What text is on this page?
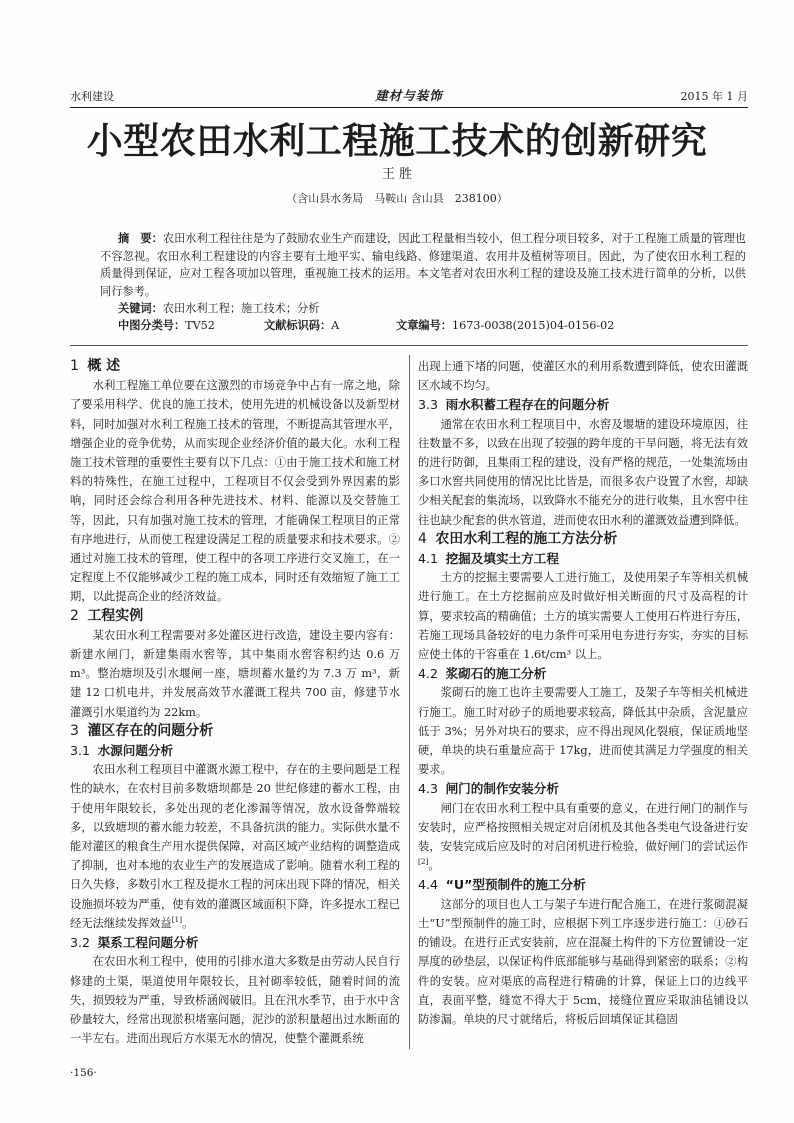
水利建设	建材与装饰	2015 年 1 月
小型农田水利工程施工技术的创新研究
王 胜
（含山县水务局　马鞍山 含山县　238100）
摘　要：农田水利工程往往是为了鼓励农业生产而建设，因此工程量相当较小，但工程分项目较多，对于工程施工质量的管理也不容忽视。农田水利工程建设的内容主要有土地平实、输电线路、修建渠道、农用井及植树等项目。因此，为了使农田水利工程的质量得到保证，应对工程各项加以管理，重视施工技术的运用。本文笔者对农田水利工程的建设及施工技术进行简单的分析，以供同行参考。
关键词：农田水利工程；施工技术；分析
中图分类号：TV52	文献标识码：A	文章编号：1673-0038(2015)04-0156-02
1 概 述

水利工程施工单位要在这激烈的市场竞争中占有一席之地，除了要采用科学、优良的施工技术，使用先进的机械设备以及新型材料，同时加强对水利工程施工技术的管理，不断提高其管理水平，增强企业的竞争优势，从而实现企业经济价值的最大化。水利工程施工技术管理的重要性主要有以下几点：①由于施工技术和施工材料的特殊性，在施工过程中，工程项目不仅会受到外界因素的影响，同时还会综合利用各种先进技术、材料、能源以及交替施工等，因此，只有加强对施工技术的管理，才能确保工程项目的正常有序地进行，从而使工程建设满足工程的质量要求和技术要求。②通过对施工技术的管理，使工程中的各项工序进行交叉施工，在一定程度上不仅能够减少工程的施工成本，同时还有效缩短了施工工期，以此提高企业的经济效益。

2 工程实例

某农田水利工程需要对多处灌区进行改造，建设主要内容有：新建水闸门，新建集雨水窖等，其中集雨水窖容积约达 0.6 万m³。整治塘坝及引水堰闸一座，塘坝蓄水量约为 7.3 万 m³，新建 12 口机电井，并发展高效节水灌溉工程共 700 亩，修建节水灌溉引水渠道约为 22km。

3 灌区存在的问题分析
3.1 水源问题分析

农田水利工程项目中灌溉水源工程中，存在的主要问题是工程性的缺水，在农村目前多数塘坝都是 20 世纪修建的蓄水工程，由于使用年限较长，多处出现的老化渗漏等情况，放水设备弊端较多，以致塘坝的蓄水能力较差，不具备抗洪的能力。实际供水量不能对灌区的粮食生产用水提供保障，对高区域产业结构的调整造成了抑制，也对本地的农业生产的发展造成了影响。随着水利工程的日久失修，多数引水工程及提水工程的河床出现下降的情况，相关设施损坏较为严重，使有效的灌溉区域面积下降，许多提水工程已经无法继续发挥效益[1]。

3.2 渠系工程问题分析

在农田水利工程中，使用的引排水道大多数是由劳动人民自行修建的土渠，渠道使用年限较长，且衬砌率较低，随着时间的流失，损毁较为严重，导致桥涵阀破旧。且在汛水季节，由于水中含砂量较大，经常出现淤积堵塞问题，泥沙的淤积量超出过水断面的一半左右。进而出现后方水渠无水的情况，使整个灌溉系统

出现上通下堵的问题，使灌区水的利用系数遭到降低，使农田灌溉区水域不均匀。

3.3 雨水积蓄工程存在的问题分析

通常在农田水利工程项目中，水窖及堰塘的建设环境原因，往往数量不多，以致在出现了较强的跨年度的干旱问题，将无法有效的进行防御，且集雨工程的建设，没有严格的规范，一处集流场由多口水窖共同使用的情况比比皆是，而很多农户设置了水窖，却缺少相关配套的集流场，以致降水不能充分的进行收集，且水窖中往往也缺少配套的供水管道，进而使农田水利的灌溉效益遭到降低。

4 农田水利工程的施工方法分析
4.1 挖掘及填实土方工程

土方的挖掘主要需要人工进行施工，及使用架子车等相关机械进行施工。在土方挖掘前应及时做好相关断面的尺寸及高程的计算，要求较高的精确值；土方的填实需要人工使用石杵进行夯压，若施工现场具备较好的电力条件可采用电夯进行夯实，夯实的目标应使土体的干容重在 1.6t/cm³ 以上。

4.2 浆砌石的施工分析

浆砌石的施工也许主要需要人工施工，及架子车等相关机械进行施工。施工时对砂子的质地要求较高，降低其中杂质，含泥量应低于 3%；另外对块石的要求，应不得出现风化裂痕，保证质地坚硬，单块的块石重量应高于 17kg，进而使其满足力学强度的相关要求。

4.3 闸门的制作安装分析

闸门在农田水利工程中具有重要的意义，在进行闸门的制作与安装时，应严格按照相关规定对启闭机及其他各类电气设备进行安装，安装完成后应及时的对启闭机进行检验，做好闸门的尝试运作[2]。

4.4 “U”型预制件的施工分析

这部分的项目也人工与架子车进行配合施工，在进行浆砌混凝土“U”型预制件的施工时，应根据下列工序逐步进行施工：①砂石的铺设。在进行正式安装前，应在混凝土构件的下方位置铺设一定厚度的砂垫层，以保证构件底部能够与基础得到紧密的联系；②构件的安装。应对渠底的高程进行精确的计算，保证上口的边线平直，表面平整，缝宽不得大于 5cm，接缝位置应采取油毡铺设以防渗漏。单块的尺寸就绪后，将板后回填保证其稳固

·156·
